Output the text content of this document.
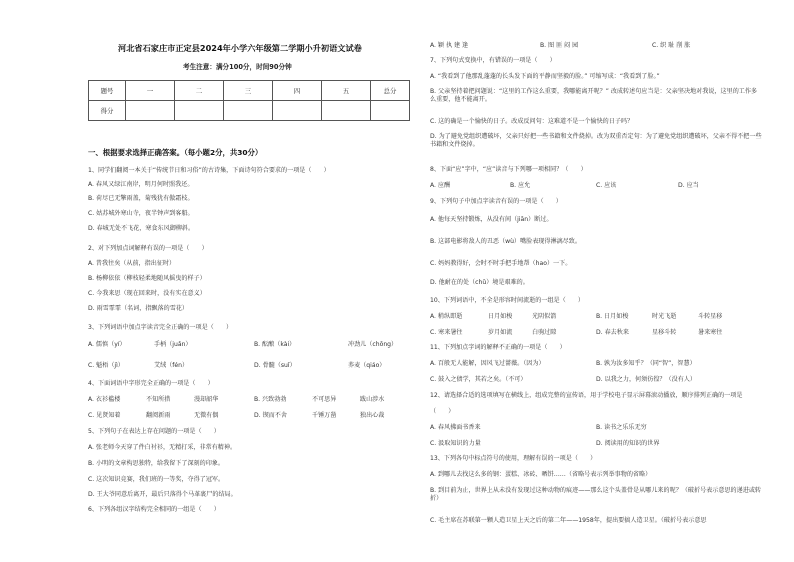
河北省石家庄市正定县2024年小学六年级第二学期小升初语文试卷
考生注意：满分100分，时间90分钟
题号	一	二	三	四	五	总分
得分						
一、根据要求选择正确答案。（每小题2分，共30分）
1、同学们翻阅一本关于“传统节日和习俗”的古诗集，下面诗句符合要求的一项是（　　）
A. 春风又绿江南岸，明月何时照我还。
B. 荷尽已无擎雨盖，菊残犹有傲霜枝。
C. 姑苏城外寒山寺，夜半钟声到客船。
D. 春城无处不飞花，寒食东风御柳斜。
2、对下列加点词解释有误的一项是（　　）
A. 昔我往矣（从前，指出征时）
B. 杨柳依依（柳枝轻柔地随风摇曳的样子）
C. 今我来思（现在回来时，没有实在意义）
D. 雨雪霏霏（名词，指飘落的雪花）
3、下列词语中加点字读音完全正确的一项是（　　）
A. 儒慎（yí）	手柄（juǎn）	B. 酝酿（kài）	冲劲儿（chōng）
C. 魁梧（jì）	艾绒（fén）	D. 骨髓（suǐ）	荞麦（qiáo）
4、下面词语中字形完全正确的一项是（　　）
A. 衣衫褴楼	不知所措	漫却韶华	B. 兴致勃勃	不可思异	跋山涉水
C. 见贤知着	翻阅新雨	无微有偶	D. 锲而不舍	千锤万凿	独出心裁
5、下列句子在表达上存在问题的一项是（　　）
A. 张老师今天穿了件白衬衫，无精打采，非常有精神。
B. 小明的文章构思独特，给我留下了深刻的印象。
C. 这次知识竞赛，我们班的一等奖，夺得了冠军。
D. 王大爷同意后离开，最后只落得个马革裹尸的结局。
6、下列各组汉字结构完全相同的一组是（　　）
A. 颖 执 建 逢	B. 图 匪 闷 园	C. 织 耻 削 胀
7、下列句式变换中，有错误的一项是（　　）
A. “我看到了他那乱蓬蓬的长头发下面的平静而坚毅的脸。” 可缩写成：“我看到了脸。”
B. 父亲坚持着把问题说：“这里的工作这么重要，我哪能离开呢？” 改成转述句应当是：父亲坚决地对我说，这里的工作多么重要，他不能离开。
C. 这的确是一个愉快的日子。改成反问句：这难道不是一个愉快的日子吗？
D. 为了避免党组织遭破坏，父亲只好把一些书籍和文件烧掉。改为双重否定句：为了避免党组织遭破坏，父亲不得不把一些书籍和文件烧掉。
8、下面“应”字中，“应”读音与下列哪一项相同？（　　）
A. 应酬	B. 应允	C. 应该	D. 应当
9、下列句子中加点字读音有误的一项是（　　）
A. 他每天坚持锻炼，从没有间（jiān）断过。
B. 这部电影将敌人的丑恶（wù）嘴脸表现得淋漓尽致。
C. 妈妈教得好，会时不时手把手地帮（hao）一下。
D. 他耐在的处（chǔ）境是艰难的。
10、下列词语中，不全是形容时间流逝的一组是（　　）
A. 稍纵即逝	日月如梭	光阴似箭	B. 日月如梭	时光飞逝	斗转星移
C. 寒来暑往	岁月如流	白驹过隙	D. 春去秋来	星移斗转	暑来寒往
11、下列加点字词的解释不正确的一项是（　　）
A. 百般无人能解，因风飞过蔷薇。（因为）	B. 孰为汝多知乎？（同“智”，智慧）
C. 鼓入之债学，其若之矣。（不可）	D. 以我之力，何须彷徨？（没有人）
12、请选择合适的选项填写在横线上，组成完整的宣传语，用于学校电子显示屏幕滚动播放，顺序排列正确的一项是
（　　）
A. 春风拂面书香来	B. 读书之乐乐无穷
C. 汲取知识的力量	D. 阅读用的知识的世界
13、下列各句中标点符号的使用，理解有误的一项是（　　）
A. 到哪儿去找这么多的钢：蛋糕、冰砖、晒饼……（省略号表示列举事物的省略）
B. 到目前为止，世界上从未没有发现过这种动物的痕迹——那么这个头盖骨是从哪儿来的呢？（破折号表示意思的递进或转折）
C. 毛主席在苏联第一颗人造卫星上天之后的第二年——1958年，提出要搞人造卫星。（破折号表示意思
